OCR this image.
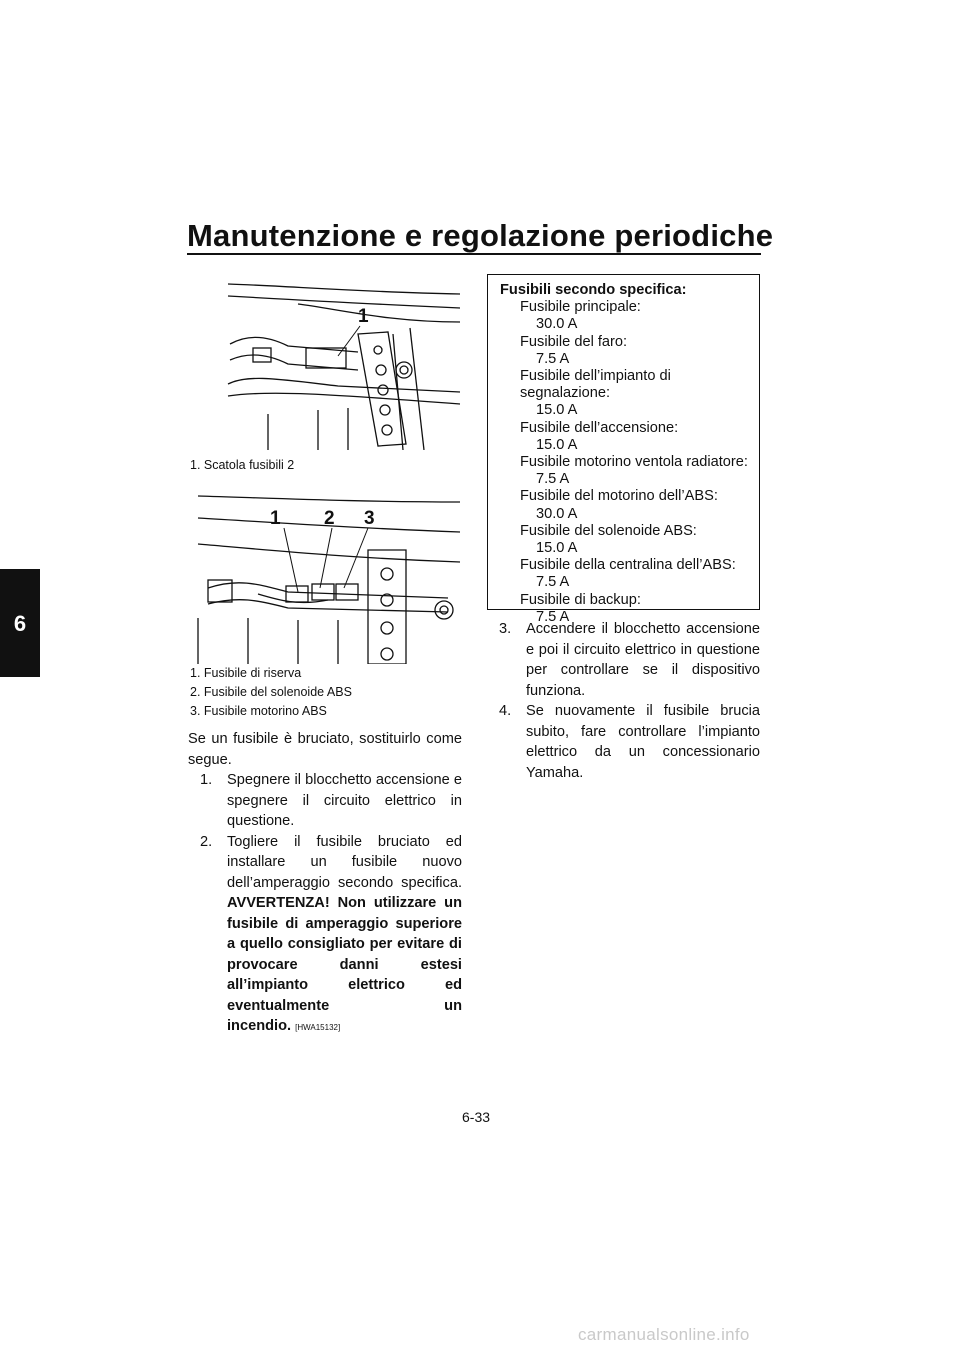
Manutenzione e regolazione periodiche
6
1
1. Scatola fusibili 2
1 2 3
1. Fusibile di riserva
2. Fusibile del solenoide ABS
3. Fusibile motorino ABS
Se un fusibile è bruciato, sostituirlo come segue.
1. Spegnere il blocchetto accensione e spegnere il circuito elettrico in questione.
2. Togliere il fusibile bruciato ed installare un fusibile nuovo dell’amperaggio secondo specifica. AVVERTENZA! Non utilizzare un fusibile di amperaggio superiore a quello consigliato per evitare di provocare danni estesi all’impianto elettrico ed eventualmente un incendio. [HWA15132]
Fusibili secondo specifica:
Fusibile principale:
30.0 A
Fusibile del faro:
7.5 A
Fusibile dell’impianto di segnalazione:
15.0 A
Fusibile dell’accensione:
15.0 A
Fusibile motorino ventola radiatore:
7.5 A
Fusibile del motorino dell’ABS:
30.0 A
Fusibile del solenoide ABS:
15.0 A
Fusibile della centralina dell’ABS:
7.5 A
Fusibile di backup:
7.5 A
3. Accendere il blocchetto accensione e poi il circuito elettrico in questione per controllare se il dispositivo funziona.
4. Se nuovamente il fusibile brucia subito, fare controllare l’impianto elettrico da un concessionario Yamaha.
6-33
carmanualsonline.info
